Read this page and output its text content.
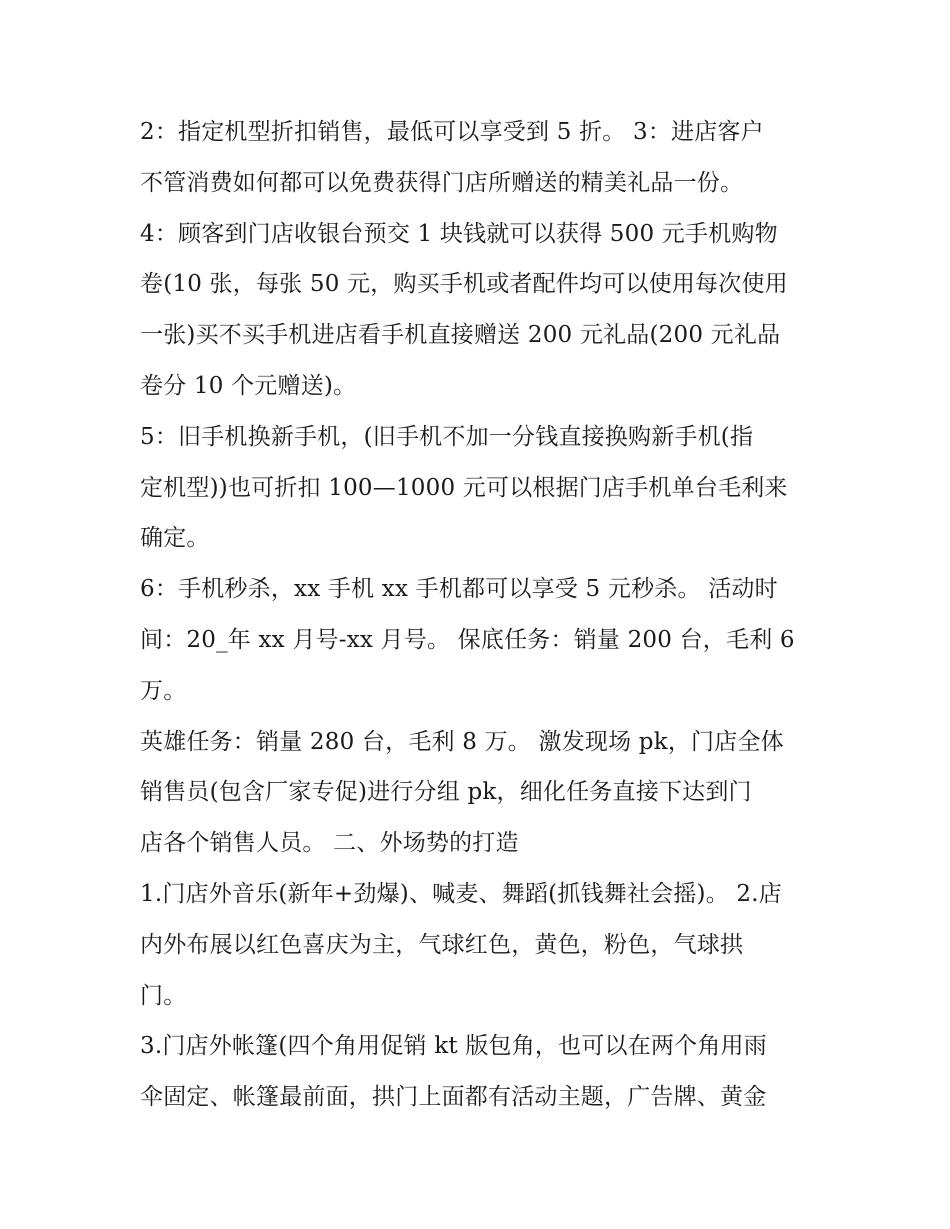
2：指定机型折扣销售，最低可以享受到 5 折。 3：进店客户
不管消费如何都可以免费获得门店所赠送的精美礼品一份。
4：顾客到门店收银台预交 1 块钱就可以获得 500 元手机购物
卷(10 张，每张 50 元，购买手机或者配件均可以使用每次使用
一张)买不买手机进店看手机直接赠送 200 元礼品(200 元礼品
卷分 10 个元赠送)。
5：旧手机换新手机，(旧手机不加一分钱直接换购新手机(指
定机型))也可折扣 100—1000 元可以根据门店手机单台毛利来
确定。
6：手机秒杀，xx 手机 xx 手机都可以享受 5 元秒杀。 活动时
间：20_年 xx 月号-xx 月号。 保底任务：销量 200 台，毛利 6
万。
英雄任务：销量 280 台，毛利 8 万。 激发现场 pk，门店全体
销售员(包含厂家专促)进行分组 pk，细化任务直接下达到门
店各个销售人员。 二、外场势的打造
1.门店外音乐(新年+劲爆)、喊麦、舞蹈(抓钱舞社会摇)。 2.店
内外布展以红色喜庆为主，气球红色，黄色，粉色，气球拱
门。
3.门店外帐篷(四个角用促销 kt 版包角，也可以在两个角用雨
伞固定、帐篷最前面，拱门上面都有活动主题，广告牌、黄金
